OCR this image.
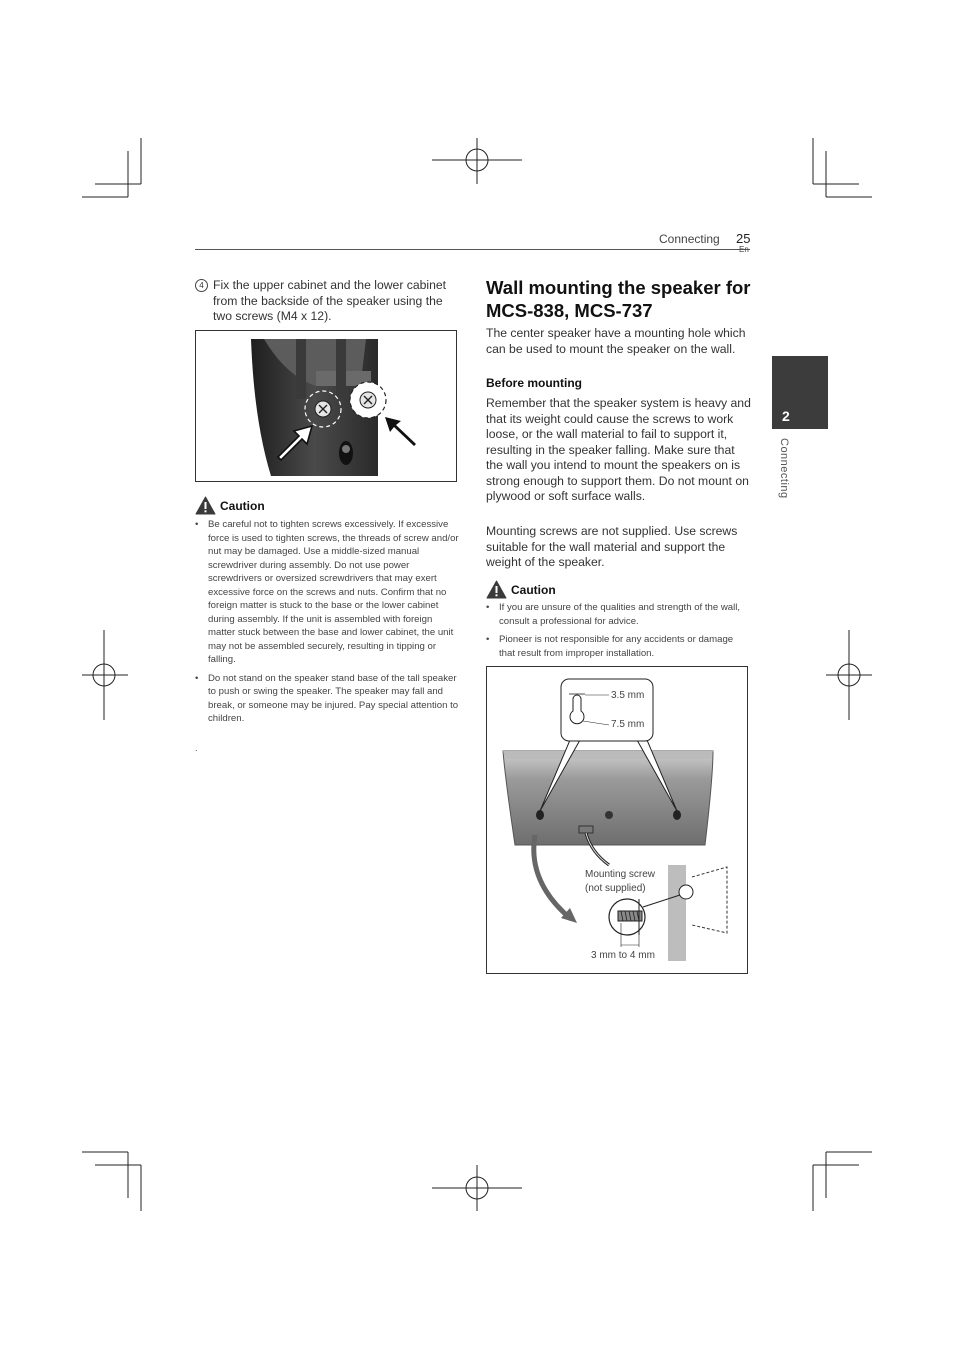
Connecting 25
2
Connecting
4 Fix the upper cabinet and the lower cabinet from the backside of the speaker using the two screws (M4 x 12).
Caution
• Be careful not to tighten screws excessively. If excessive force is used to tighten screws, the threads of screw and/or nut may be damaged. Use a middle-sized manual screwdriver during assembly. Do not use power screwdrivers or oversized screwdrivers that may exert excessive force on the screws and nuts. Confirm that no foreign matter is stuck to the base or the lower cabinet during assembly. If the unit is assembled with foreign matter stuck between the base and lower cabinet, the unit may not be assembled securely, resulting in tipping or falling.
• Do not stand on the speaker stand base of the tall speaker to push or swing the speaker. The speaker may fall and break, or someone may be injured. Pay special attention to children.
.
Wall mounting the speaker for MCS-838, MCS-737
The center speaker have a mounting hole which can be used to mount the speaker on the wall.
Before mounting
Remember that the speaker system is heavy and that its weight could cause the screws to work loose, or the wall material to fail to support it, resulting in the speaker falling. Make sure that the wall you intend to mount the speakers on is strong enough to support them. Do not mount on plywood or soft surface walls.
Mounting screws are not supplied. Use screws suitable for the wall material and support the weight of the speaker.
Caution
• If you are unsure of the qualities and strength of the wall, consult a professional for advice.
• Pioneer is not responsible for any accidents or damage that result from improper installation.
3.5 mm
7.5 mm
Mounting screw
(not supplied)
3 mm to 4 mm
